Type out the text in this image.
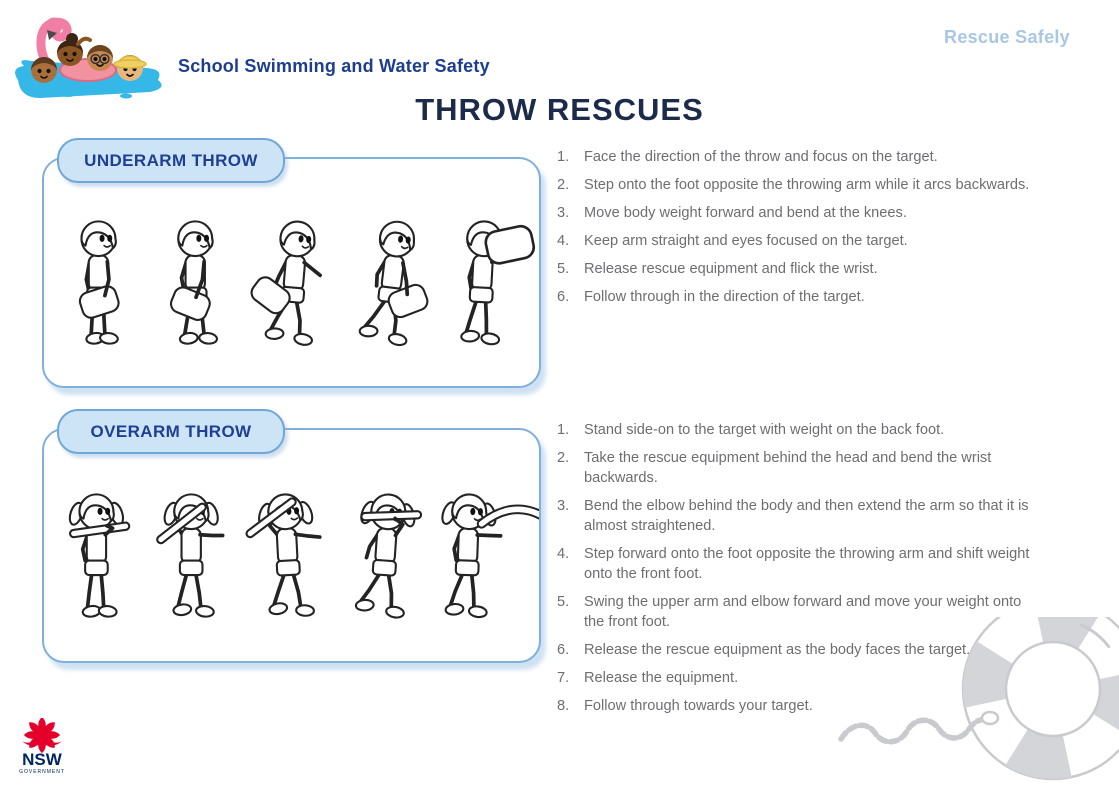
School Swimming and Water Safety
Rescue Safely
THROW RESCUES
UNDERARM THROW	1.	Face the direction of the throw and focus on the target.
2.	Step onto the foot opposite the throwing arm while it arcs backwards.
3.	Move body weight forward and bend at the knees.
4.	Keep arm straight and eyes focused on the target.
5.	Release rescue equipment and flick the wrist.
6.	Follow through in the direction of the target.
OVERARM THROW	1.	Stand side-on to the target with weight on the back foot.
2.	Take the rescue equipment behind the head and bend the wrist backwards.
3.	Bend the elbow behind the body and then extend the arm so that it is almost straightened.
4.	Step forward onto the foot opposite the throwing arm and shift weight onto the front foot.
5.	Swing the upper arm and elbow forward and move your weight onto the front foot.
6.	Release the rescue equipment as the body faces the target.
7.	Release the equipment.
8.	Follow through towards your target.
NSW
GOVERNMENT
